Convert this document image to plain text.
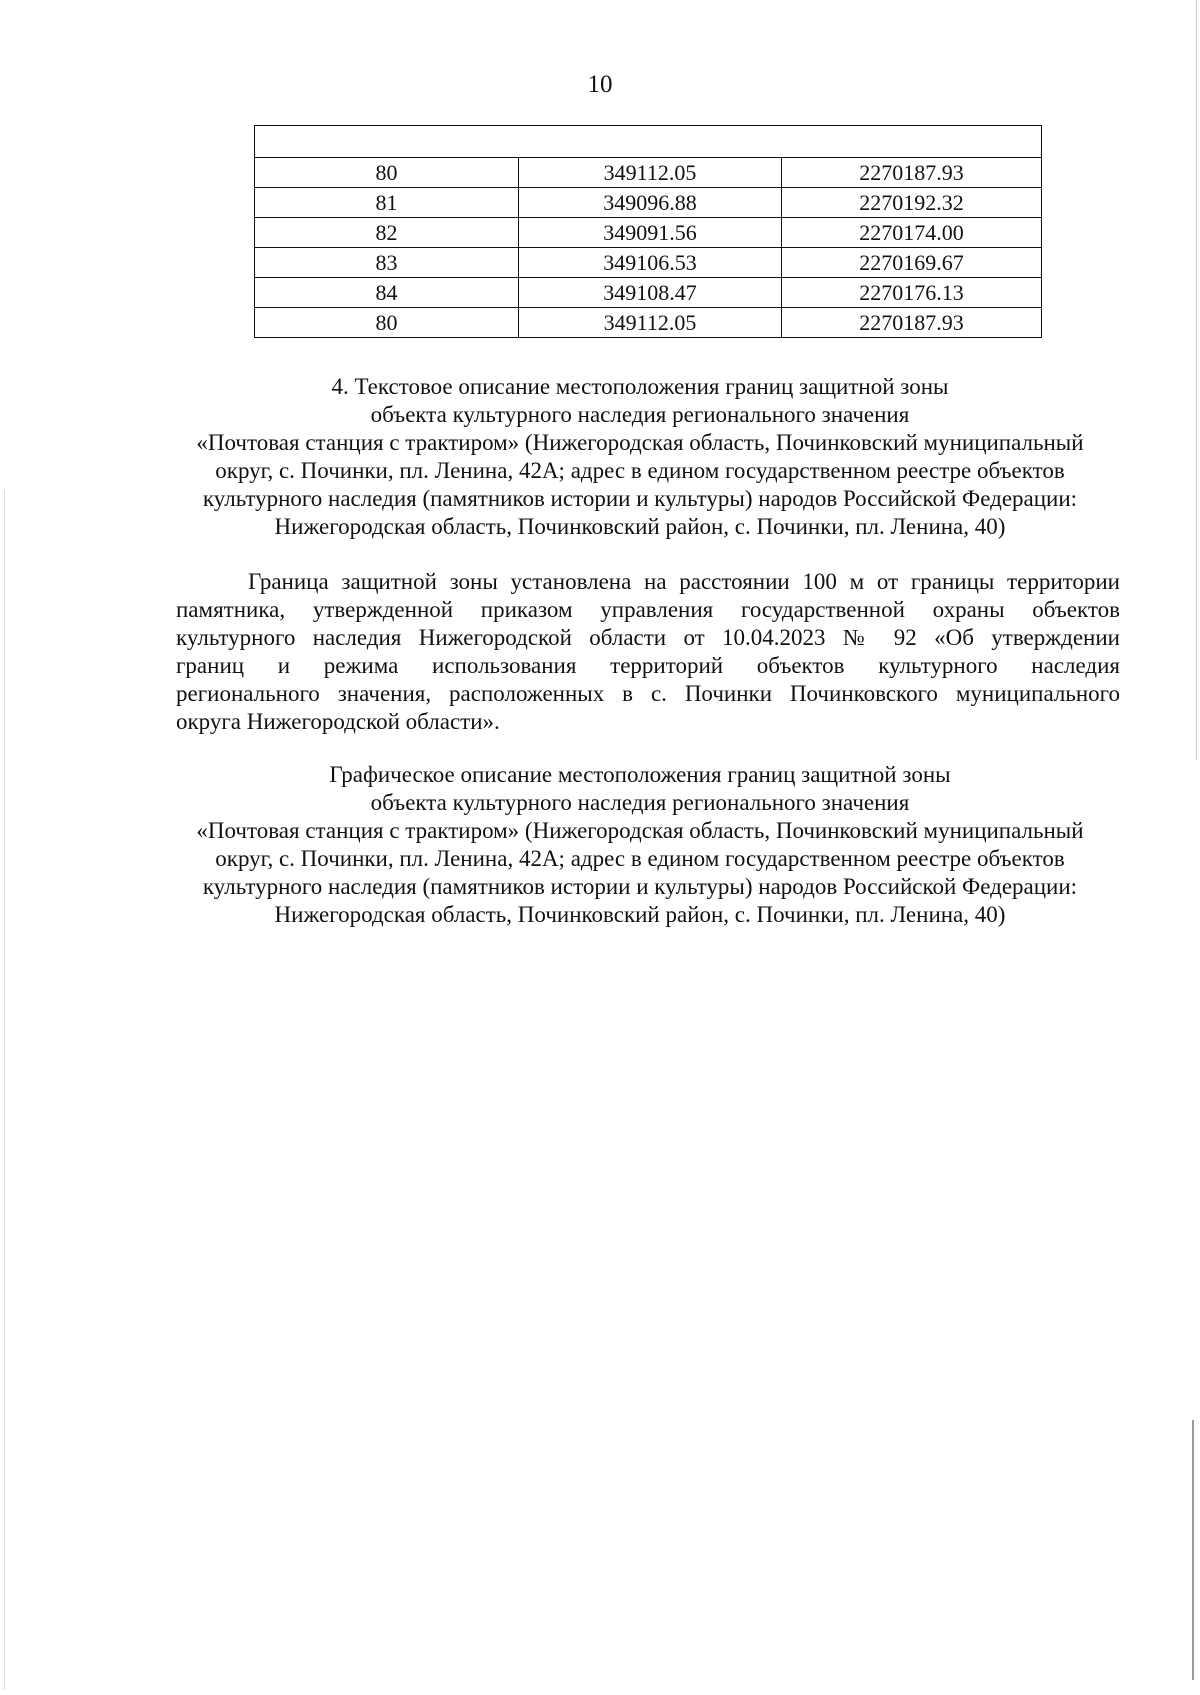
10

80	349112.05	2270187.93
81	349096.88	2270192.32
82	349091.56	2270174.00
83	349106.53	2270169.67
84	349108.47	2270176.13
80	349112.05	2270187.93
4. Текстовое описание местоположения границ защитной зоны
объекта культурного наследия регионального значения
«Почтовая станция с трактиром» (Нижегородская область, Починковский муниципальный
округ, с. Починки, пл. Ленина, 42А; адрес в едином государственном реестре объектов
культурного наследия (памятников истории и культуры) народов Российской Федерации:
Нижегородская область, Починковский район, с. Починки, пл. Ленина, 40)
Граница защитной зоны установлена на расстоянии 100 м от границы территории
памятника, утвержденной приказом управления государственной охраны объектов
культурного наследия Нижегородской области от 10.04.2023 № 92 «Об утверждении
границ и режима использования территорий объектов культурного наследия
регионального значения, расположенных в с. Починки Починковского муниципального
округа Нижегородской области».
Графическое описание местоположения границ защитной зоны
объекта культурного наследия регионального значения
«Почтовая станция с трактиром» (Нижегородская область, Починковский муниципальный
округ, с. Починки, пл. Ленина, 42А; адрес в едином государственном реестре объектов
культурного наследия (памятников истории и культуры) народов Российской Федерации:
Нижегородская область, Починковский район, с. Починки, пл. Ленина, 40)
